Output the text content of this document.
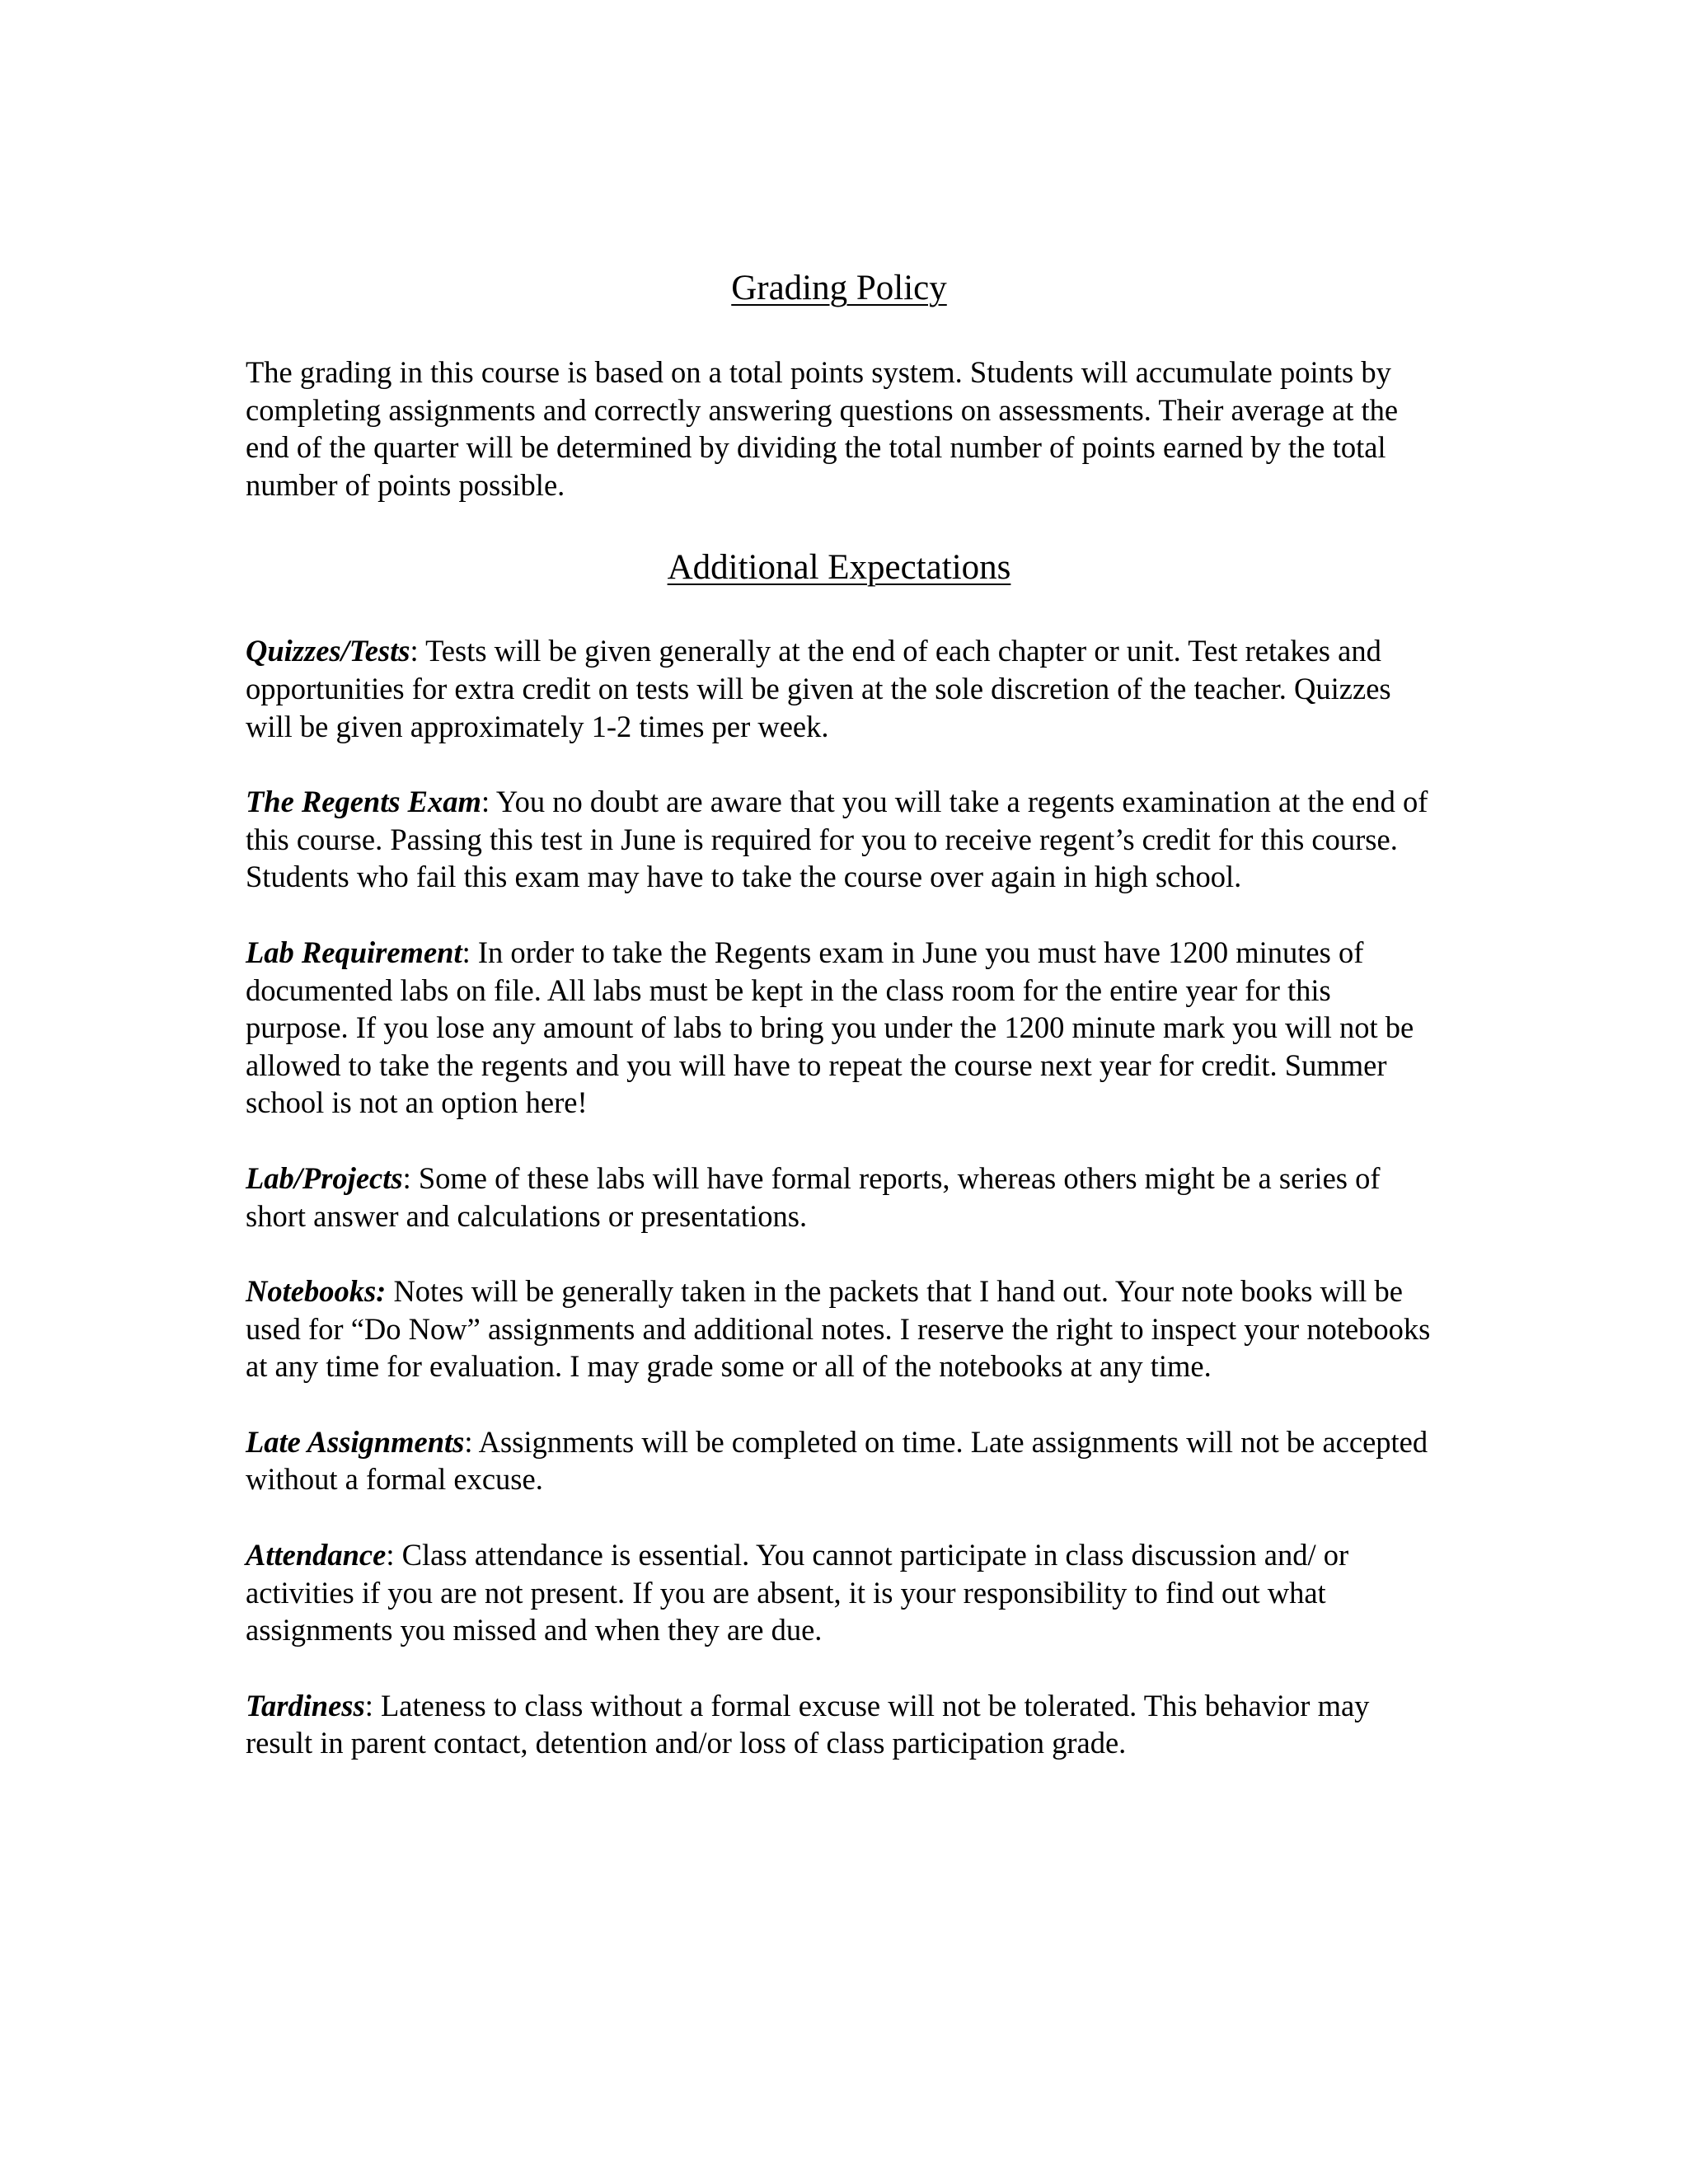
Grading Policy

The grading in this course is based on a total points system. Students will accumulate points by completing assignments and correctly answering questions on assessments. Their average at the end of the quarter will be determined by dividing the total number of points earned by the total number of points possible.

Additional Expectations

Quizzes/Tests: Tests will be given generally at the end of each chapter or unit. Test retakes and opportunities for extra credit on tests will be given at the sole discretion of the teacher. Quizzes will be given approximately 1-2 times per week.

The Regents Exam: You no doubt are aware that you will take a regents examination at the end of this course. Passing this test in June is required for you to receive regent’s credit for this course. Students who fail this exam may have to take the course over again in high school.

Lab Requirement: In order to take the Regents exam in June you must have 1200 minutes of documented labs on file. All labs must be kept in the class room for the entire year for this purpose. If you lose any amount of labs to bring you under the 1200 minute mark you will not be allowed to take the regents and you will have to repeat the course next year for credit. Summer school is not an option here!

Lab/Projects: Some of these labs will have formal reports, whereas others might be a series of short answer and calculations or presentations.

Notebooks: Notes will be generally taken in the packets that I hand out. Your note books will be used for “Do Now” assignments and additional notes. I reserve the right to inspect your notebooks at any time for evaluation. I may grade some or all of the notebooks at any time.

Late Assignments: Assignments will be completed on time. Late assignments will not be accepted without a formal excuse.

Attendance: Class attendance is essential. You cannot participate in class discussion and/ or activities if you are not present. If you are absent, it is your responsibility to find out what assignments you missed and when they are due.

Tardiness: Lateness to class without a formal excuse will not be tolerated. This behavior may result in parent contact, detention and/or loss of class participation grade.
